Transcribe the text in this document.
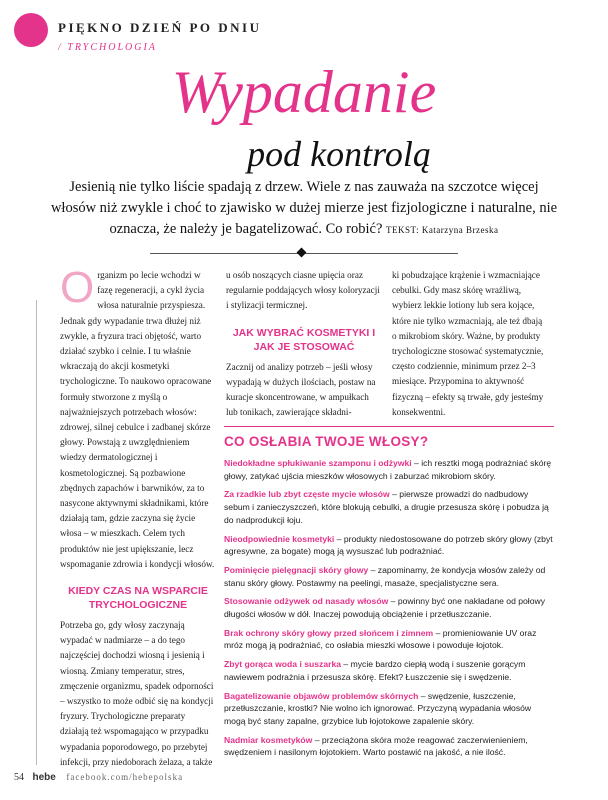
PIĘKNO DZIEŃ PO DNIU
/ TRYCHOLOGIA
Wypadanie
pod kontrolą
Jesienią nie tylko liście spadają z drzew. Wiele z nas zauważa na szczotce więcej włosów niż zwykle i choć to zjawisko w dużej mierze jest fizjologiczne i naturalne, nie oznacza, że należy je bagatelizować. Co robić? TEKST: Katarzyna Brzeska

Organizm po lecie wchodzi w fazę regeneracji, a cykl życia włosa naturalnie przyspiesza. Jednak gdy wypadanie trwa dłużej niż zwykle, a fryzura traci objętość, warto działać szybko i celnie. I tu właśnie wkraczają do akcji kosmetyki trychologiczne. To naukowo opracowane formuły stworzone z myślą o najważniejszych potrzebach włosów: zdrowej, silnej cebulce i zadbanej skórze głowy. Powstają z uwzględnieniem wiedzy dermatologicznej i kosmetologicznej. Są pozbawione zbędnych zapachów i barwników, za to nasycone aktywnymi składnikami, które działają tam, gdzie zaczyna się życie włosa – w mieszkach. Celem tych produktów nie jest upiększanie, lecz wspomaganie zdrowia i kondycji włosów.

KIEDY CZAS NA WSPARCIE TRYCHOLOGICZNE

Potrzeba go, gdy włosy zaczynają wypadać w nadmiarze – a do tego najczęściej dochodzi wiosną i jesienią i wiosną. Zmiany temperatur, stres, zmęczenie organizmu, spadek odporności – wszystko to może odbić się na kondycji fryzury. Trychologiczne preparaty działają też wspomagająco w przypadku wypadania poporodowego, po przebytej infekcji, przy niedoborach żelaza, a także

u osób noszących ciasne upięcia oraz regularnie poddających włosy koloryzacji i stylizacji termicznej.

JAK WYBRAĆ KOSMETYKI I JAK JE STOSOWAĆ

Zacznij od analizy potrzeb – jeśli włosy wypadają w dużych ilościach, postaw na kuracje skoncentrowane, w ampułkach lub tonikach, zawierające składni-

ki pobudzające krążenie i wzmacniające cebulki. Gdy masz skórę wrażliwą, wybierz lekkie lotiony lub sera kojące, które nie tylko wzmacniają, ale też dbają o mikrobiom skóry. Ważne, by produkty trychologiczne stosować systematycznie, często codziennie, minimum przez 2–3 miesiące. Przypomina to aktywność fizyczną – efekty są trwałe, gdy jesteśmy konsekwentni.

CO OSŁABIA TWOJE WŁOSY?

Niedokładne spłukiwanie szamponu i odżywki – ich resztki mogą podrażniać skórę głowy, zatykać ujścia mieszków włosowych i zaburzać mikrobiom skóry.

Za rzadkie lub zbyt częste mycie włosów – pierwsze prowadzi do nadbudowy sebum i zanieczyszczeń, które blokują cebulki, a drugie przesusza skórę i pobudza ją do nadprodukcji łoju.

Nieodpowiednie kosmetyki – produkty niedostosowane do potrzeb skóry głowy (zbyt agresywne, za bogate) mogą ją wysuszać lub podrażniać.

Pominięcie pielęgnacji skóry głowy – zapominamy, że kondycja włosów zależy od stanu skóry głowy. Postawmy na peelingi, masaże, specjalistyczne sera.

Stosowanie odżywek od nasady włosów – powinny być one nakładane od połowy długości włosów w dół. Inaczej powodują obciążenie i przetłuszczanie.

Brak ochrony skóry głowy przed słońcem i zimnem – promieniowanie UV oraz mróz mogą ją podrażniać, co osłabia mieszki włosowe i powoduje łojotok.

Zbyt gorąca woda i suszarka – mycie bardzo ciepłą wodą i suszenie gorącym nawiewem podrażnia i przesusza skórę. Efekt? Łuszczenie się i swędzenie.

Bagatelizowanie objawów problemów skórnych – swędzenie, łuszczenie, przetłuszczanie, krostki? Nie wolno ich ignorować. Przyczyną wypadania włosów mogą być stany zapalne, grzybice lub łojotokowe zapalenie skóry.

Nadmiar kosmetyków – przeciążona skóra może reagować zaczerwienieniem, swędzeniem i nasilonym łojotokiem. Warto postawić na jakość, a nie ilość.

54 hebe facebook.com/hebepolska
